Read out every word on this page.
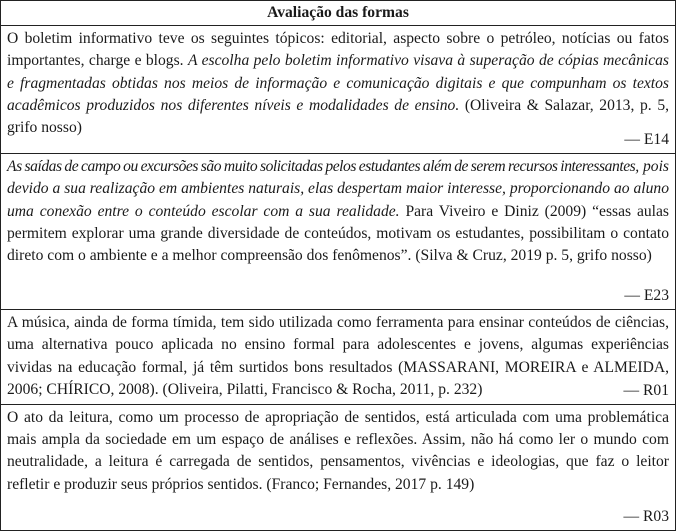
Avaliação das formas

O boletim informativo teve os seguintes tópicos: editorial, aspecto sobre o petróleo, notícias ou fatos importantes, charge e blogs. A escolha pelo boletim informativo visava à superação de cópias mecânicas e fragmentadas obtidas nos meios de informação e comunicação digitais e que compunham os textos acadêmicos produzidos nos diferentes níveis e modalidades de ensino. (Oliveira & Salazar, 2013, p. 5, grifo nosso)

— E14

As saídas de campo ou excursões são muito solicitadas pelos estudantes além de serem recursos interessantes, pois devido a sua realização em ambientes naturais, elas despertam maior interesse, proporcionando ao aluno uma conexão entre o conteúdo escolar com a sua realidade. Para Viveiro e Diniz (2009) “essas aulas permitem explorar uma grande diversidade de conteúdos, motivam os estudantes, possibilitam o contato direto com o ambiente e a melhor compreensão dos fenômenos”. (Silva & Cruz, 2019 p. 5, grifo nosso)

— E23

A música, ainda de forma tímida, tem sido utilizada como ferramenta para ensinar conteúdos de ciências, uma alternativa pouco aplicada no ensino formal para adolescentes e jovens, algumas experiências vividas na educação formal, já têm surtidos bons resultados (MASSARANI, MOREIRA e ALMEIDA, 2006; CHÍRICO, 2008). (Oliveira, Pilatti, Francisco & Rocha, 2011, p. 232)	— R01

O ato da leitura, como um processo de apropriação de sentidos, está articulada com uma problemática mais ampla da sociedade em um espaço de análises e reflexões. Assim, não há como ler o mundo com neutralidade, a leitura é carregada de sentidos, pensamentos, vivências e ideologias, que faz o leitor refletir e produzir seus próprios sentidos. (Franco; Fernandes, 2017 p. 149)

— R03
